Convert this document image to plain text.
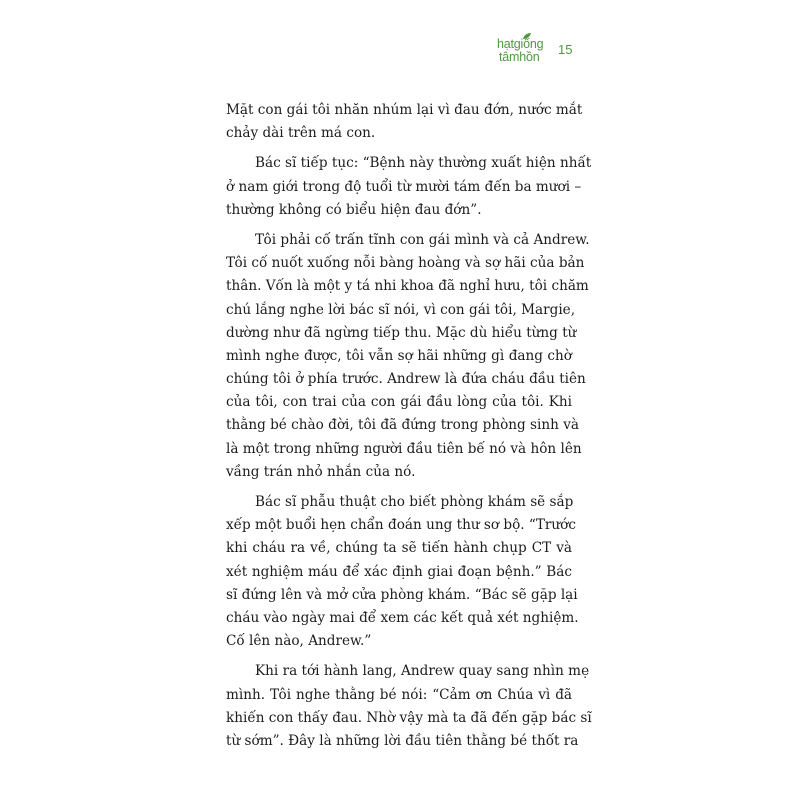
hạtgiống
tâmhồn 15
Mặt con gái tôi nhăn nhúm lại vì đau đớn, nước mắt
chảy dài trên má con.
Bác sĩ tiếp tục: “Bệnh này thường xuất hiện nhất
ở nam giới trong độ tuổi từ mười tám đến ba mươi –
thường không có biểu hiện đau đớn”.
Tôi phải cố trấn tĩnh con gái mình và cả Andrew.
Tôi cố nuốt xuống nỗi bàng hoàng và sợ hãi của bản
thân. Vốn là một y tá nhi khoa đã nghỉ hưu, tôi chăm
chú lắng nghe lời bác sĩ nói, vì con gái tôi, Margie,
dường như đã ngừng tiếp thu. Mặc dù hiểu từng từ
mình nghe được, tôi vẫn sợ hãi những gì đang chờ
chúng tôi ở phía trước. Andrew là đứa cháu đầu tiên
của tôi, con trai của con gái đầu lòng của tôi. Khi
thằng bé chào đời, tôi đã đứng trong phòng sinh và
là một trong những người đầu tiên bế nó và hôn lên
vầng trán nhỏ nhắn của nó.
Bác sĩ phẫu thuật cho biết phòng khám sẽ sắp
xếp một buổi hẹn chẩn đoán ung thư sơ bộ. “Trước
khi cháu ra về, chúng ta sẽ tiến hành chụp CT và
xét nghiệm máu để xác định giai đoạn bệnh.” Bác
sĩ đứng lên và mở cửa phòng khám. “Bác sẽ gặp lại
cháu vào ngày mai để xem các kết quả xét nghiệm.
Cố lên nào, Andrew.”
Khi ra tới hành lang, Andrew quay sang nhìn mẹ
mình. Tôi nghe thằng bé nói: “Cảm ơn Chúa vì đã
khiến con thấy đau. Nhờ vậy mà ta đã đến gặp bác sĩ
từ sớm”. Đây là những lời đầu tiên thằng bé thốt ra
